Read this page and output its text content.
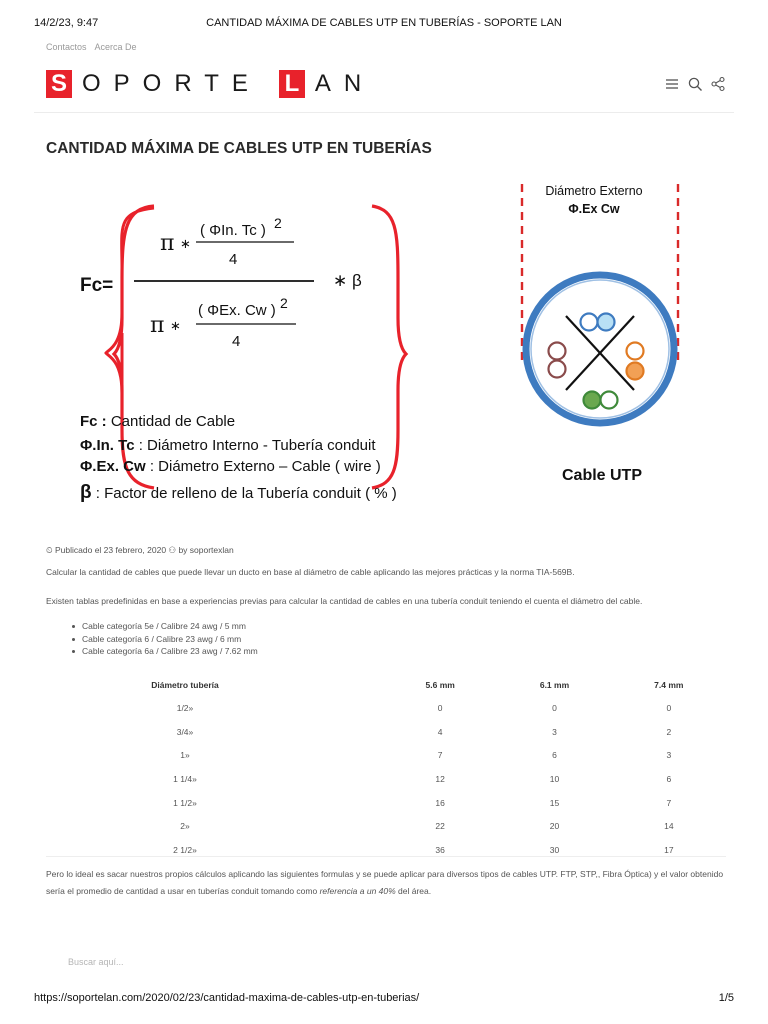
14/2/23, 9:47	CANTIDAD MÁXIMA DE CABLES UTP EN TUBERÍAS - SOPORTE LAN
Contactos Acerca De
S OPORTE L AN
CANTIDAD MÁXIMA DE CABLES UTP EN TUBERÍAS
Fc=
π ∗
( ΦIn. Tc ) 2
4
∗ β
π ∗
( ΦEx. Cw ) 2
4
Fc : Cantidad de Cable
Φ.In. Tc : Diámetro Interno - Tubería conduit
Φ.Ex. Cw : Diámetro Externo – Cable ( wire )
β : Factor de relleno de la Tubería conduit ( % )
Diámetro Externo
Φ.Ex Cw
Cable UTP
⏲ Publicado el 23 febrero, 2020 ⚇ by soportexlan
Calcular la cantidad de cables que puede llevar un ducto en base al diámetro de cable aplicando las mejores prácticas y la norma TIA-569B.
Existen tablas predefinidas en base a experiencias previas para calcular la cantidad de cables en una tubería conduit teniendo el cuenta el diámetro del cable.
Cable categoría 5e / Calibre 24 awg / 5 mm
Cable categoría 6 / Calibre 23 awg / 6 mm
Cable categoría 6a / Calibre 23 awg / 7.62 mm
Diámetro tubería	5.6 mm	6.1 mm	7.4 mm
1/2»	0	0	0
3/4»	4	3	2
1»	7	6	3
1 1/4»	12	10	6
1 1/2»	16	15	7
2»	22	20	14
2 1/2»	36	30	17
Pero lo ideal es sacar nuestros propios cálculos aplicando las siguientes formulas y se puede aplicar para diversos tipos de cables UTP. FTP, STP,, Fibra Óptica) y el valor obtenido sería el promedio de cantidad a usar en tuberías conduit tomando como referencia a un 40% del área.
Buscar aquí...
https://soportelan.com/2020/02/23/cantidad-maxima-de-cables-utp-en-tuberias/	1/5
